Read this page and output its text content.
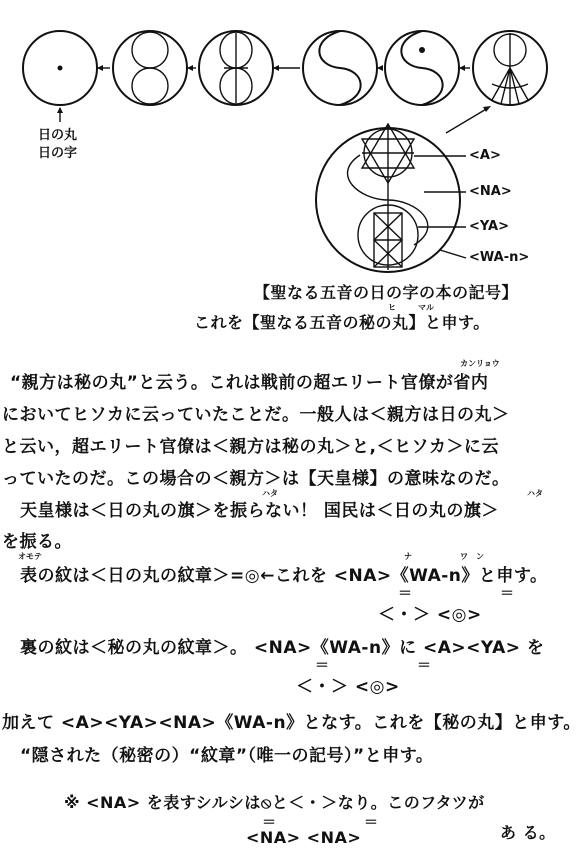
日の丸
日の字	<A>
<NA>
<YA>
<WA-n>
【聖なる五音の日の字の本の記号】
ヒ	マル
これを【聖なる五音の秘の丸】と申す。
カンリョウ
“親方は秘の丸”と云う。これは戦前の超エリート官僚が省内
においてヒソカに云っていたことだ。一般人は＜親方は日の丸＞
と云い，超エリート官僚は＜親方は秘の丸＞と,＜ヒソカ＞に云
っていたのだ。この場合の＜親方＞は【天皇様】の意味なのだ。
ハタ	ハタ
天皇様は＜日の丸の旗＞を振らない！ 国民は＜日の丸の旗＞
を振る。
オモテ	ナ	ワ　ン
表の紋は＜日の丸の紋章＞=◎←これを <NA>《WA-n》と申す。
＝　　＝
＜・＞ <◎>
裏の紋は＜秘の丸の紋章＞。 <NA>《WA-n》に <A><YA> を
＝　　＝
＜・＞ <◎>
加えて <A><YA><NA>《WA-n》となす。これを【秘の丸】と申す。
“隠された（秘密の）“紋章”（唯一の記号）”と申す。
※ <NA> を表すシルシは⦸と＜・＞なり。このフタツが
＝　　＝
<NA> <NA>	あ る。
